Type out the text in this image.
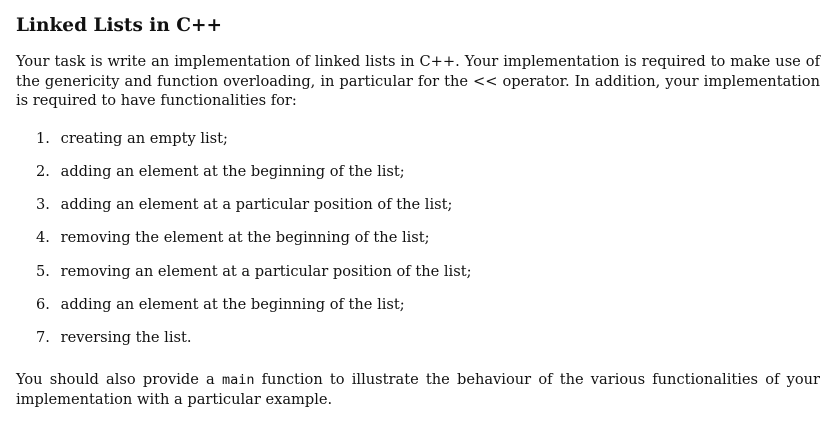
Linked Lists in C++

Your task is write an implementation of linked lists in C++. Your implementation is required to make use of the genericity and function overloading, in particular for the << operator. In addition, your implementation is required to have functionalities for:

1. creating an empty list;
2. adding an element at the beginning of the list;
3. adding an element at a particular position of the list;
4. removing the element at the beginning of the list;
5. removing an element at a particular position of the list;
6. adding an element at the beginning of the list;
7. reversing the list.

You should also provide a main function to illustrate the behaviour of the various functionalities of your implementation with a particular example.
